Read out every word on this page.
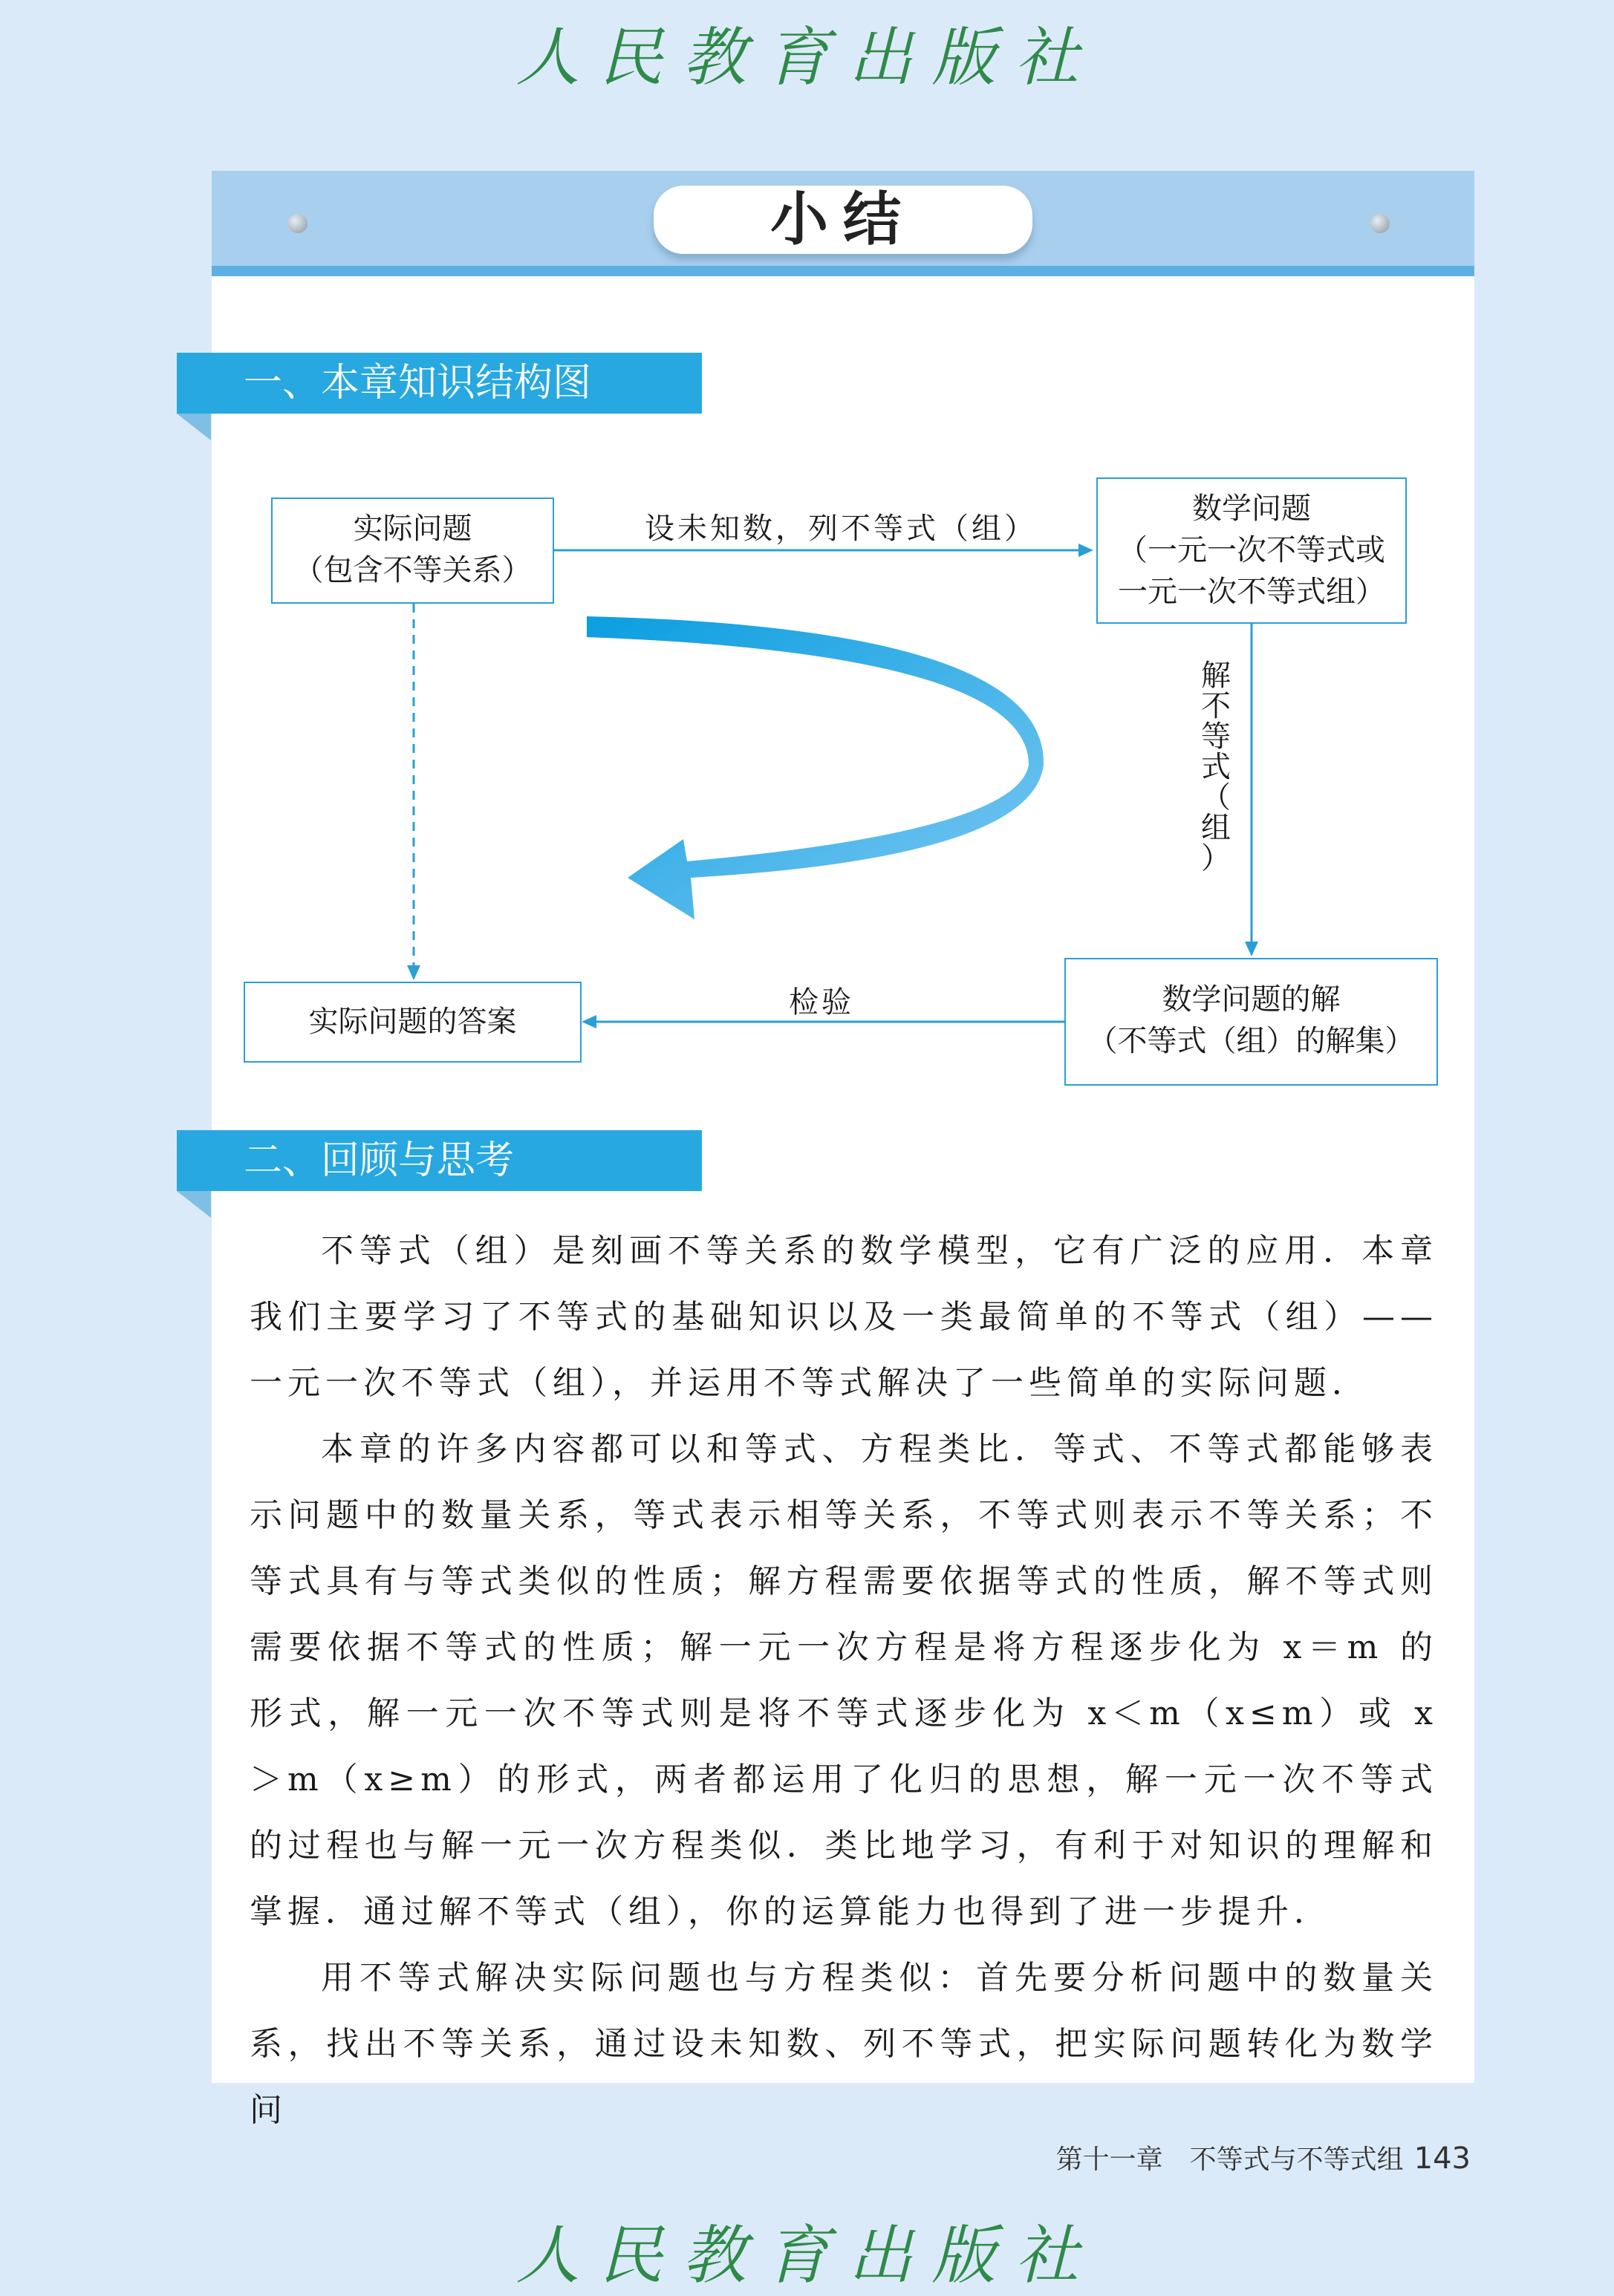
人民教育出版社
小结
一、本章知识结构图
实际问题
（包含不等关系）
数学问题
（一元一次不等式或
一元一次不等式组）
数学问题的解
（不等式（组）的解集）
实际问题的答案
设未知数，列不等式（组）
检验
解
不
等
式
（
组
）
二、回顾与思考

不等式（组）是刻画不等关系的数学模型，它有广泛的应用．本章我们主要学习了不等式的基础知识以及一类最简单的不等式（组）——一元一次不等式（组），并运用不等式解决了一些简单的实际问题．

本章的许多内容都可以和等式、方程类比．等式、不等式都能够表示问题中的数量关系，等式表示相等关系，不等式则表示不等关系；不等式具有与等式类似的性质；解方程需要依据等式的性质，解不等式则需要依据不等式的性质；解一元一次方程是将方程逐步化为 x＝m 的形式，解一元一次不等式则是将不等式逐步化为 x＜m（x≤m）或 x＞m（x≥m）的形式，两者都运用了化归的思想，解一元一次不等式的过程也与解一元一次方程类似．类比地学习，有利于对知识的理解和掌握．通过解不等式（组），你的运算能力也得到了进一步提升．

用不等式解决实际问题也与方程类似：首先要分析问题中的数量关系，找出不等关系，通过设未知数、列不等式，把实际问题转化为数学问

第十一章　不等式与不等式组 143
人民教育出版社
